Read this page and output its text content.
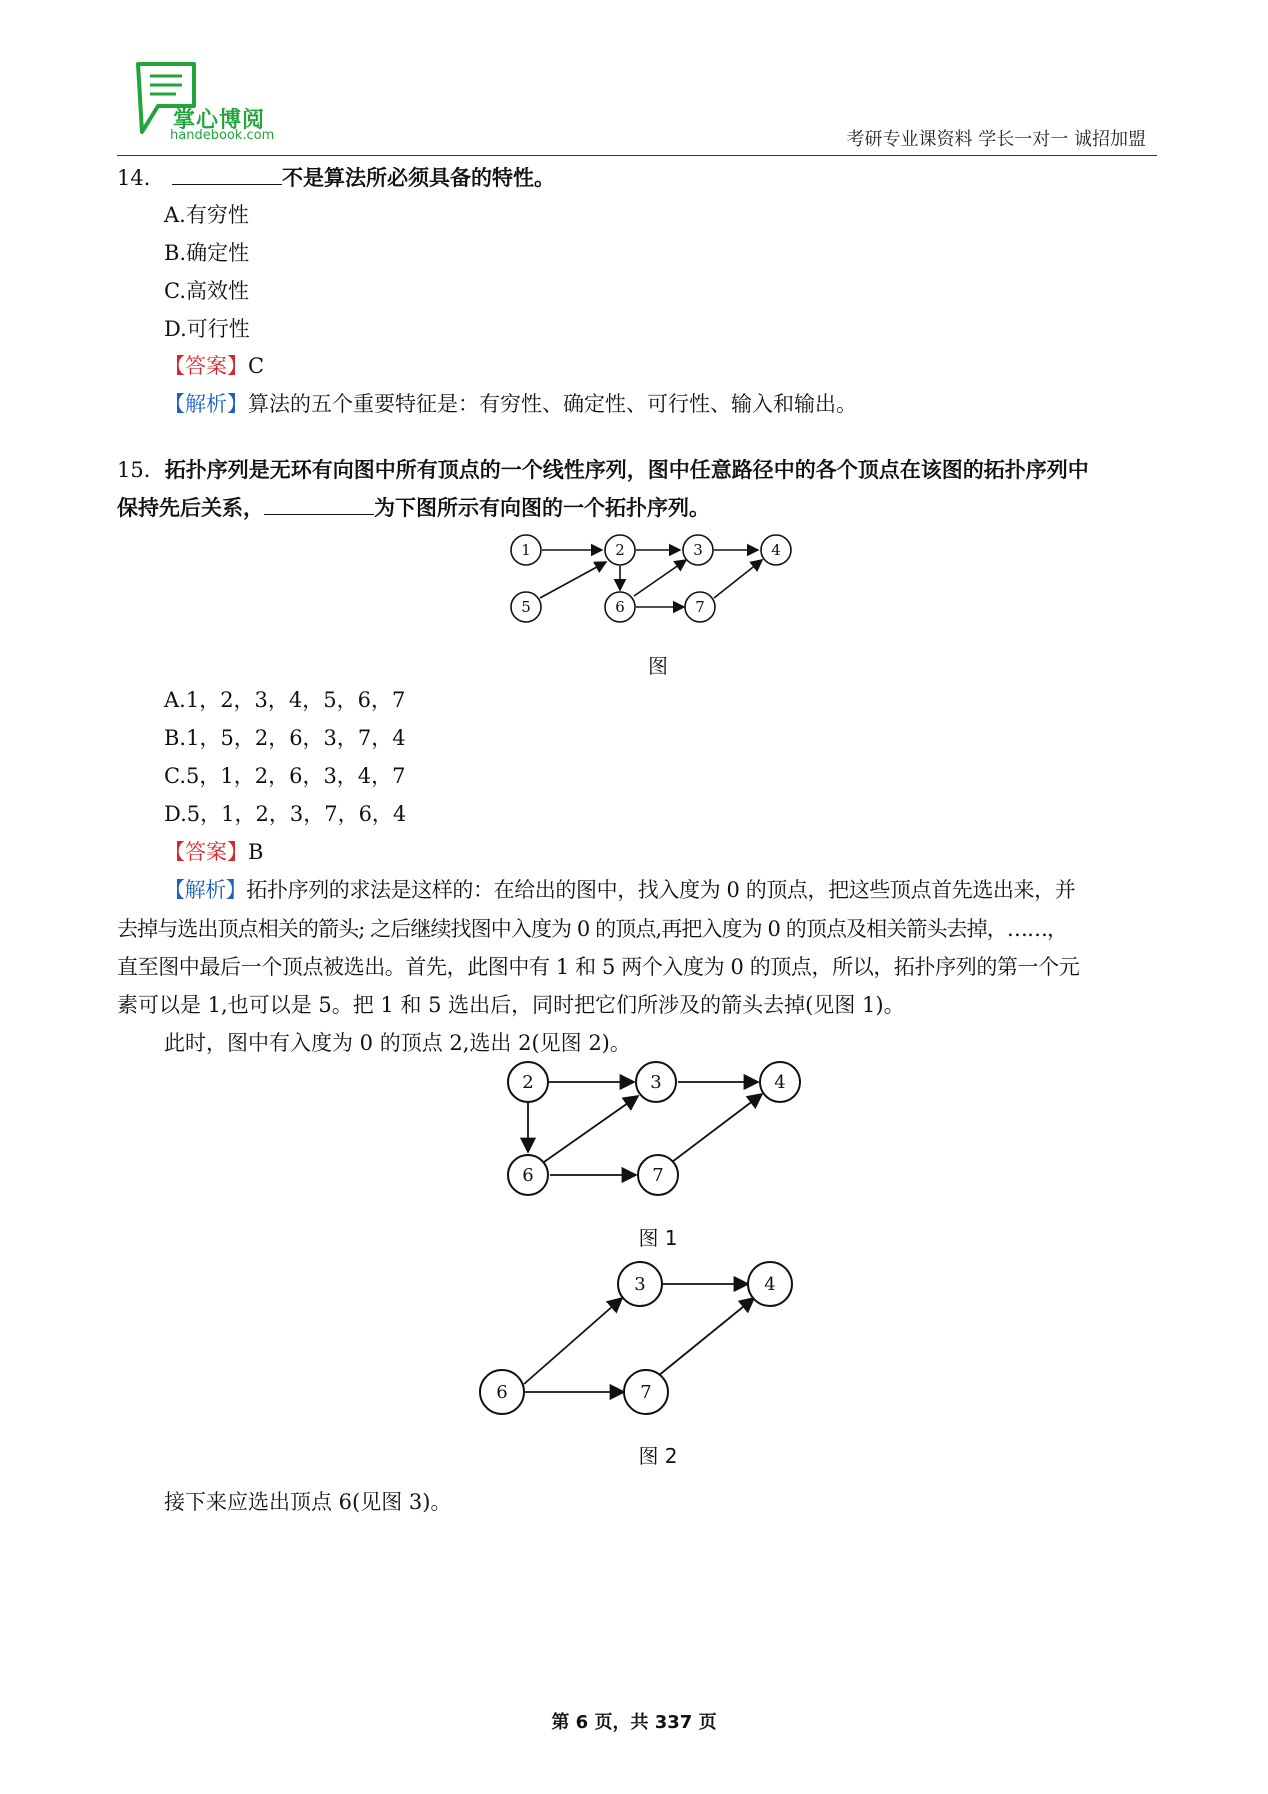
掌心博阅
handebook.com	考研专业课资料 学长一对一 诚招加盟
14．	不是算法所必须具备的特性。
A.有穷性
B.确定性
C.高效性
D.可行性
【答案】C
【解析】算法的五个重要特征是：有穷性、确定性、可行性、输入和输出。
15．拓扑序列是无环有向图中所有顶点的一个线性序列，图中任意路径中的各个顶点在该图的拓扑序列中
保持先后关系，	为下图所示有向图的一个拓扑序列。
1	2	3	4
5	6	7
图
A.1，2，3，4，5，6，7
B.1，5，2，6，3，7，4
C.5，1，2，6，3，4，7
D.5，1，2，3，7，6，4
【答案】B
【解析】拓扑序列的求法是这样的：在给出的图中，找入度为 0 的顶点，把这些顶点首先选出来，并
去掉与选出顶点相关的箭头; 之后继续找图中入度为 0 的顶点,再把入度为 0 的顶点及相关箭头去掉，……，
直至图中最后一个顶点被选出。首先，此图中有 1 和 5 两个入度为 0 的顶点，所以，拓扑序列的第一个元
素可以是 1,也可以是 5。把 1 和 5 选出后，同时把它们所涉及的箭头去掉(见图 1)。
此时，图中有入度为 0 的顶点 2,选出 2(见图 2)。
2	3	4
6	7
图 1
3	4
6	7
图 2
接下来应选出顶点 6(见图 3)。
第 6 页，共 337 页
